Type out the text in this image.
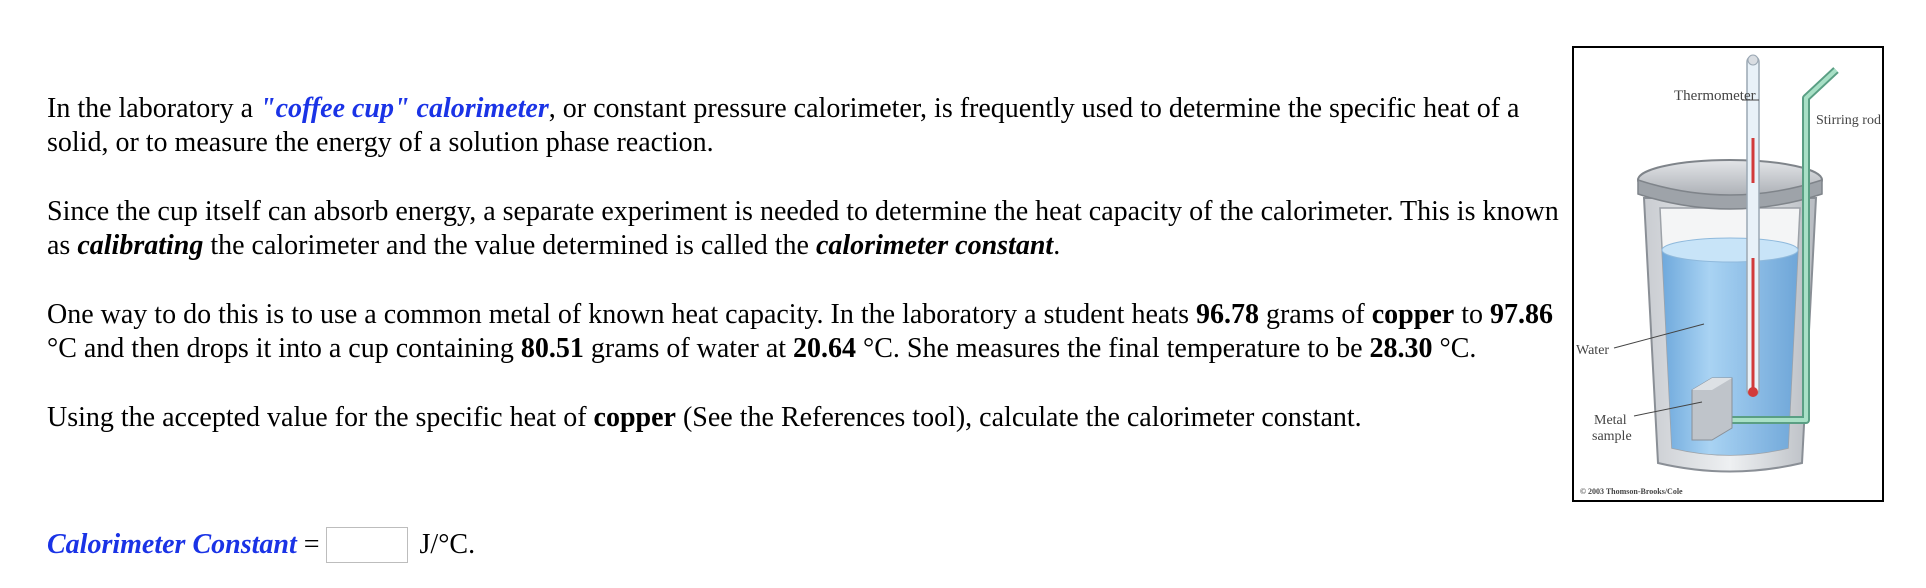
In the laboratory a "coffee cup" calorimeter, or constant pressure calorimeter, is frequently used to determine the specific heat of a solid, or to measure the energy of a solution phase reaction.

Since the cup itself can absorb energy, a separate experiment is needed to determine the heat capacity of the calorimeter. This is known as calibrating the calorimeter and the value determined is called the calorimeter constant.

One way to do this is to use a common metal of known heat capacity. In the laboratory a student heats 96.78 grams of copper to 97.86 °C and then drops it into a cup containing 80.51 grams of water at 20.64 °C. She measures the final temperature to be 28.30 °C.

Using the accepted value for the specific heat of copper (See the References tool), calculate the calorimeter constant.

Calorimeter Constant =	J/°C.
Thermometer
Stirring rod
Water
Metal
sample
© 2003 Thomson-Brooks/Cole
